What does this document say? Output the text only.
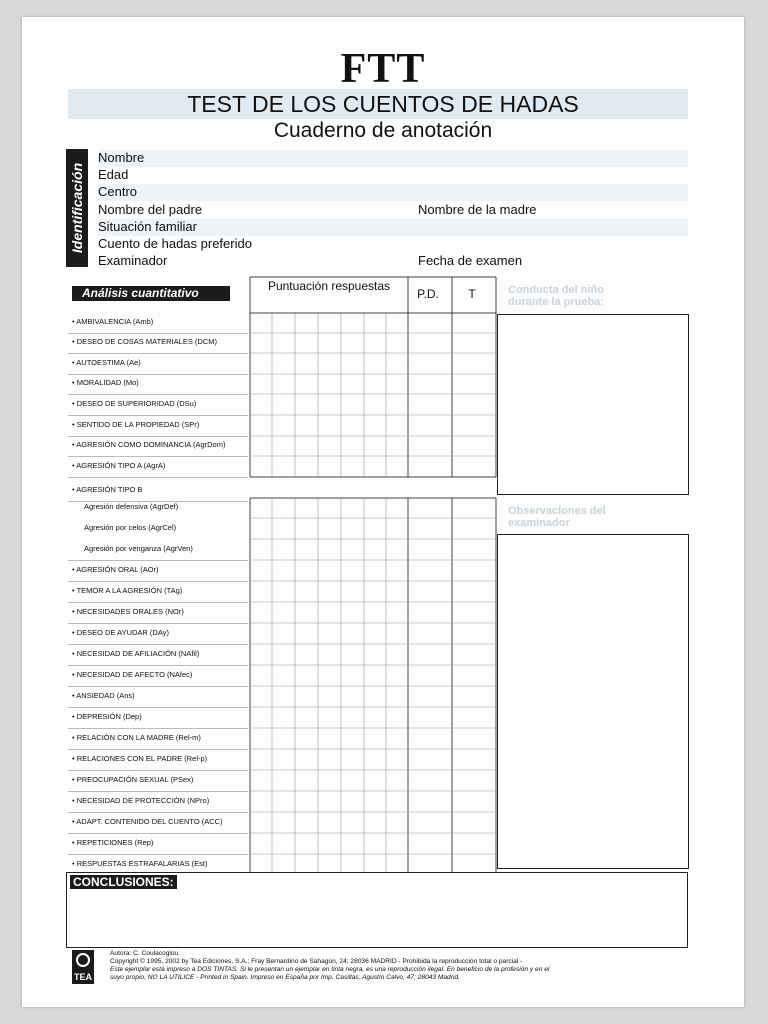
FTT
TEST DE LOS CUENTOS DE HADAS
Cuaderno de anotación
Identificación
Nombre
Edad
Centro
Nombre del padre	Nombre de la madre
Situación familiar
Cuento de hadas preferido
Examinador	Fecha de examen
Análisis cuantitativo	Puntuación respuestas
P.D.	T
• AMBIVALENCIA (Amb)
• DESEO DE COSAS MATERIALES (DCM)
• AUTOESTIMA (Ae)
• MORALIDAD (Mo)
• DESEO DE SUPERIORIDAD (DSu)
• SENTIDO DE LA PROPIEDAD (SPr)
• AGRESIÓN COMO DOMINANCIA (AgrDom)
• AGRESIÓN TIPO A (AgrA)
• AGRESIÓN TIPO B
Agresión defensiva (AgrDef)
Agresión por celos (AgrCel)
Agresión por venganza (AgrVen)
• AGRESIÓN ORAL (AOr)
• TEMOR A LA AGRESIÓN (TAg)
• NECESIDADES ORALES (NOr)
• DESEO DE AYUDAR (DAy)
• NECESIDAD DE AFILIACIÓN (NAfil)
• NECESIDAD DE AFECTO (NAfec)
• ANSIEDAD (Ans)
• DEPRESIÓN (Dep)
• RELACIÓN CON LA MADRE (Rel-m)
• RELACIONES CON EL PADRE (Rel-p)
• PREOCUPACIÓN SEXUAL (PSex)
• NECESIDAD DE PROTECCIÓN (NPro)
• ADAPT. CONTENIDO DEL CUENTO (ACC)
• REPETICIONES (Rep)
• RESPUESTAS ESTRAFALARIAS (Est)
Conducta del niño durante la prueba:
Observaciones del examinador
CONCLUSIONES:
TEA
Autora: C. Coulacoglou.
Copyright © 1995, 2002 by Tea Ediciones, S.A.; Fray Bernardino de Sahagún, 24; 28036 MADRID - Prohibida la reproducción total o parcial -
Este ejemplar está impreso a DOS TINTAS. Si le presentan un ejemplar en tinta negra, es una reproducción ilegal. En beneficio de la profesión y en el
suyo propio, NO LA UTILICE - Printed in Spain. Impreso en España por Imp. Casillas; Agustín Calvo, 47; 28043 Madrid.
